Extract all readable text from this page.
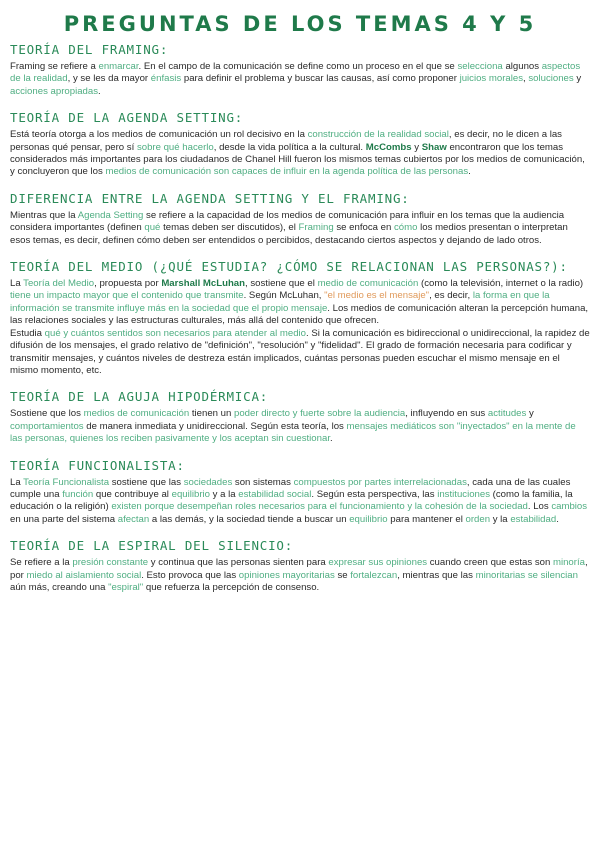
PREGUNTAS DE LOS TEMAS 4 Y 5
TEORÍA DEL FRAMING:

Framing se refiere a enmarcar. En el campo de la comunicación se define como un proceso en el que se selecciona algunos aspectos de la realidad, y se les da mayor énfasis para definir el problema y buscar las causas, así como proponer juicios morales, soluciones y acciones apropiadas.

TEORÍA DE LA AGENDA SETTING:

Está teoría otorga a los medios de comunicación un rol decisivo en la construcción de la realidad social, es decir, no le dicen a las personas qué pensar, pero sí sobre qué hacerlo, desde la vida política a la cultural. McCombs y Shaw encontraron que los temas considerados más importantes para los ciudadanos de Chanel Hill fueron los mismos temas cubiertos por los medios de comunicación, y concluyeron que los medios de comunicación son capaces de influir en la agenda política de las personas.

DIFERENCIA ENTRE LA AGENDA SETTING Y EL FRAMING:

Mientras que la Agenda Setting se refiere a la capacidad de los medios de comunicación para influir en los temas que la audiencia considera importantes (definen qué temas deben ser discutidos), el Framing se enfoca en cómo los medios presentan o interpretan esos temas, es decir, definen cómo deben ser entendidos o percibidos, destacando ciertos aspectos y dejando de lado otros.

TEORÍA DEL MEDIO (¿QUÉ ESTUDIA? ¿CÓMO SE RELACIONAN LAS PERSONAS?):

La Teoría del Medio, propuesta por Marshall McLuhan, sostiene que el medio de comunicación (como la televisión, internet o la radio) tiene un impacto mayor que el contenido que transmite. Según McLuhan, "el medio es el mensaje", es decir, la forma en que la información se transmite influye más en la sociedad que el propio mensaje. Los medios de comunicación alteran la percepción humana, las relaciones sociales y las estructuras culturales, más allá del contenido que ofrecen.

Estudia qué y cuántos sentidos son necesarios para atender al medio. Si la comunicación es bidireccional o unidireccional, la rapidez de difusión de los mensajes, el grado relativo de "definición", "resolución" y "fidelidad". El grado de formación necesaria para codificar y transmitir mensajes, y cuántos niveles de destreza están implicados, cuántas personas pueden escuchar el mismo mensaje en el mismo momento, etc.

TEORÍA DE LA AGUJA HIPODÉRMICA:

Sostiene que los medios de comunicación tienen un poder directo y fuerte sobre la audiencia, influyendo en sus actitudes y comportamientos de manera inmediata y unidireccional. Según esta teoría, los mensajes mediáticos son "inyectados" en la mente de las personas, quienes los reciben pasivamente y los aceptan sin cuestionar.

TEORÍA FUNCIONALISTA:

La Teoría Funcionalista sostiene que las sociedades son sistemas compuestos por partes interrelacionadas, cada una de las cuales cumple una función que contribuye al equilibrio y a la estabilidad social. Según esta perspectiva, las instituciones (como la familia, la educación o la religión) existen porque desempeñan roles necesarios para el funcionamiento y la cohesión de la sociedad. Los cambios en una parte del sistema afectan a las demás, y la sociedad tiende a buscar un equilibrio para mantener el orden y la estabilidad.

TEORÍA DE LA ESPIRAL DEL SILENCIO:

Se refiere a la presión constante y continua que las personas sienten para expresar sus opiniones cuando creen que estas son minoría, por miedo al aislamiento social. Esto provoca que las opiniones mayoritarias se fortalezcan, mientras que las minoritarias se silencian aún más, creando una "espiral" que refuerza la percepción de consenso.
